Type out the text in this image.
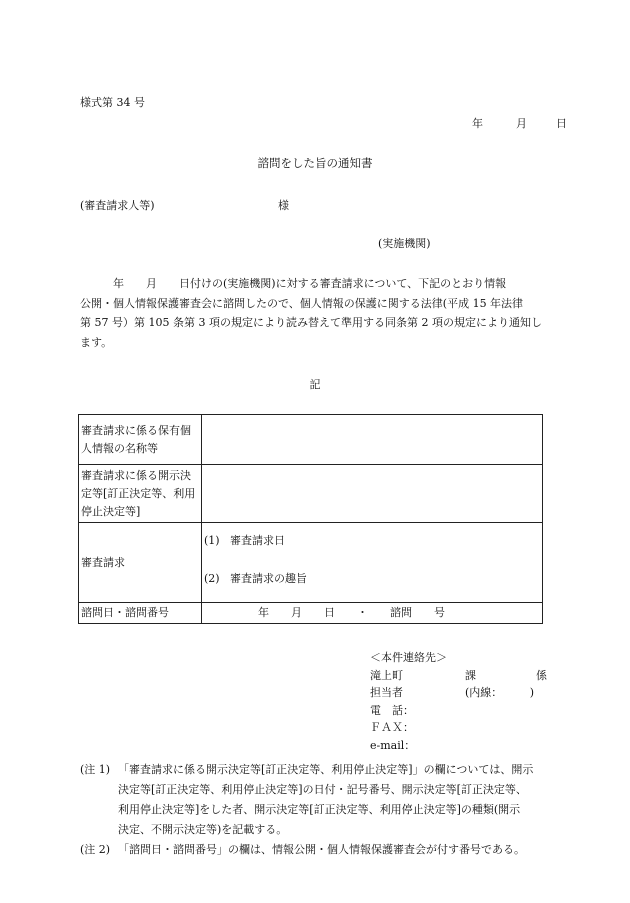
様式第 34 号
年	月	日
諮問をした旨の通知書
(審査請求人等)	様
(実施機関)
　　　年　　月　　日付けの(実施機関)に対する審査請求について、下記のとおり情報
公開・個人情報保護審査会に諮問したので、個人情報の保護に関する法律(平成 15 年法律
第 57 号）第 105 条第 3 項の規定により読み替えて準用する同条第 2 項の規定により通知し
ます。
記
審査請求に係る保有個
人情報の名称等	

審査請求に係る開示決
定等[訂正決定等、利用
停止決定等]	

審査請求	(1) 審査請求日
(2) 審査請求の趣旨

諮問日・諮問番号	年　　月　　日　　・　　諮問　　号
＜本件連絡先＞
滝上町	課	係
担当者	(内線：　　　)
電　話：
ＦＡＸ：
e-mail：
(注 1) 「審査請求に係る開示決定等[訂正決定等、利用停止決定等]」の欄については、開示
決定等[訂正決定等、利用停止決定等]の日付・記号番号、開示決定等[訂正決定等、
利用停止決定等]をした者、開示決定等[訂正決定等、利用停止決定等]の種類(開示
決定、不開示決定等)を記載する。
(注 2) 「諮問日・諮問番号」の欄は、情報公開・個人情報保護審査会が付す番号である。
